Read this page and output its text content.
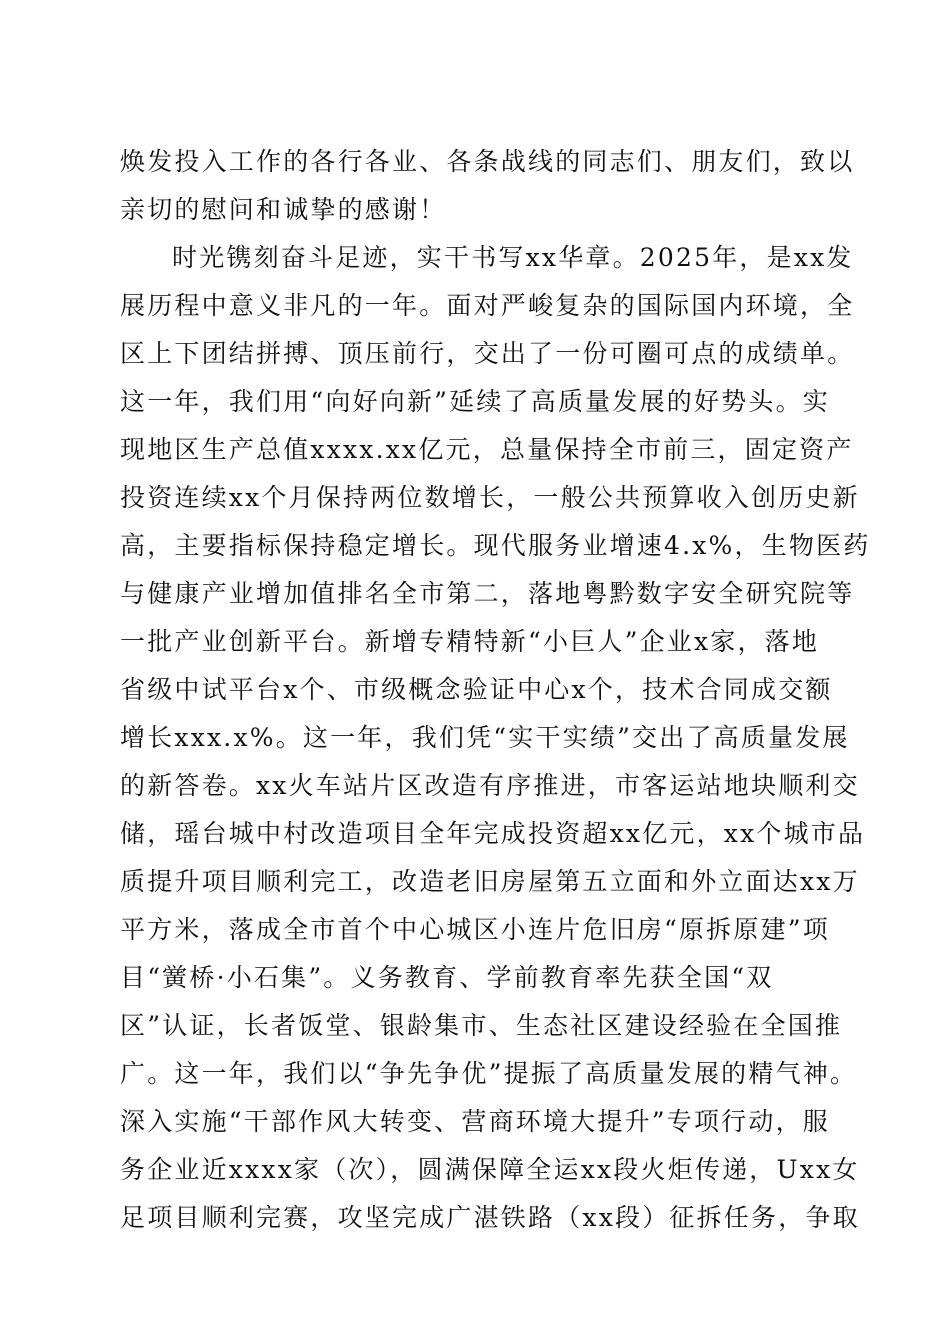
焕发投入工作的各行各业、各条战线的同志们、朋友们，致以
亲切的慰问和诚挚的感谢！
时光镌刻奋斗足迹，实干书写xx华章。2025年，是xx发
展历程中意义非凡的一年。面对严峻复杂的国际国内环境，全
区上下团结拼搏、顶压前行，交出了一份可圈可点的成绩单。
这一年，我们用“向好向新”延续了高质量发展的好势头。实
现地区生产总值xxxx.xx亿元，总量保持全市前三，固定资产
投资连续xx个月保持两位数增长，一般公共预算收入创历史新
高，主要指标保持稳定增长。现代服务业增速4.x%，生物医药
与健康产业增加值排名全市第二，落地粤黔数字安全研究院等
一批产业创新平台。新增专精特新“小巨人”企业x家，落地
省级中试平台x个、市级概念验证中心x个，技术合同成交额
增长xxx.x%。这一年，我们凭“实干实绩”交出了高质量发展
的新答卷。xx火车站片区改造有序推进，市客运站地块顺利交
储，瑶台城中村改造项目全年完成投资超xx亿元，xx个城市品
质提升项目顺利完工，改造老旧房屋第五立面和外立面达xx万
平方米，落成全市首个中心城区小连片危旧房“原拆原建”项
目“黉桥·小石集”。义务教育、学前教育率先获全国“双
区”认证，长者饭堂、银龄集市、生态社区建设经验在全国推
广。这一年，我们以“争先争优”提振了高质量发展的精气神。
深入实施“干部作风大转变、营商环境大提升”专项行动，服
务企业近xxxx家（次），圆满保障全运xx段火炬传递，Uxx女
足项目顺利完赛，攻坚完成广湛铁路（xx段）征拆任务，争取
